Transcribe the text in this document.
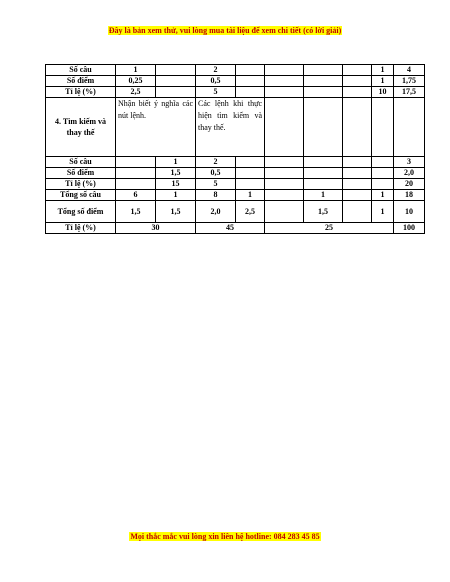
Đây là bản xem thử, vui lòng mua tài liệu để xem chi tiết (có lời giải)
Số câu	1		2					1	4
Số điểm	0,25		0,5					1	1,75
Tỉ lệ (%)	2,5		5					10	17,5
4. Tìm kiếm và thay thế	Nhận biết ý nghĩa các nút lệnh.		Các lệnh khi thực hiện tìm kiếm và thay thế.						
Số câu		1	2						3
Số điểm		1,5	0,5						2,0
Tỉ lệ (%)		15	5						20
Tổng số câu	6	1	8	1		1		1	18
Tổng số điểm	1,5	1,5	2,0	2,5		1,5		1	10
Tỉ lệ (%)	30		45		25				100
Mọi thắc mắc vui lòng xin liên hệ hotline: 084 283 45 85
